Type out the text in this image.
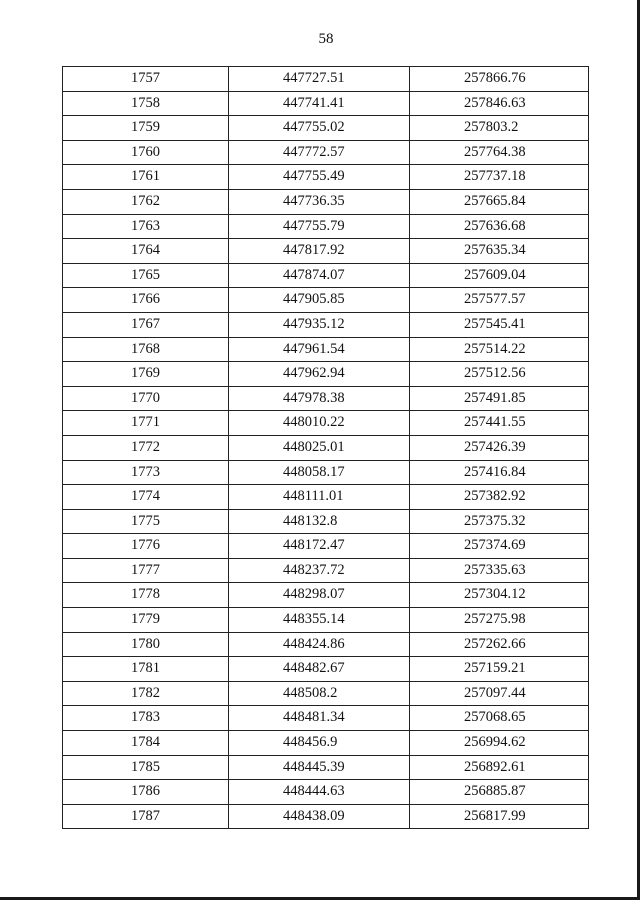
58
1757	447727.51	257866.76
1758	447741.41	257846.63
1759	447755.02	257803.2
1760	447772.57	257764.38
1761	447755.49	257737.18
1762	447736.35	257665.84
1763	447755.79	257636.68
1764	447817.92	257635.34
1765	447874.07	257609.04
1766	447905.85	257577.57
1767	447935.12	257545.41
1768	447961.54	257514.22
1769	447962.94	257512.56
1770	447978.38	257491.85
1771	448010.22	257441.55
1772	448025.01	257426.39
1773	448058.17	257416.84
1774	448111.01	257382.92
1775	448132.8	257375.32
1776	448172.47	257374.69
1777	448237.72	257335.63
1778	448298.07	257304.12
1779	448355.14	257275.98
1780	448424.86	257262.66
1781	448482.67	257159.21
1782	448508.2	257097.44
1783	448481.34	257068.65
1784	448456.9	256994.62
1785	448445.39	256892.61
1786	448444.63	256885.87
1787	448438.09	256817.99
